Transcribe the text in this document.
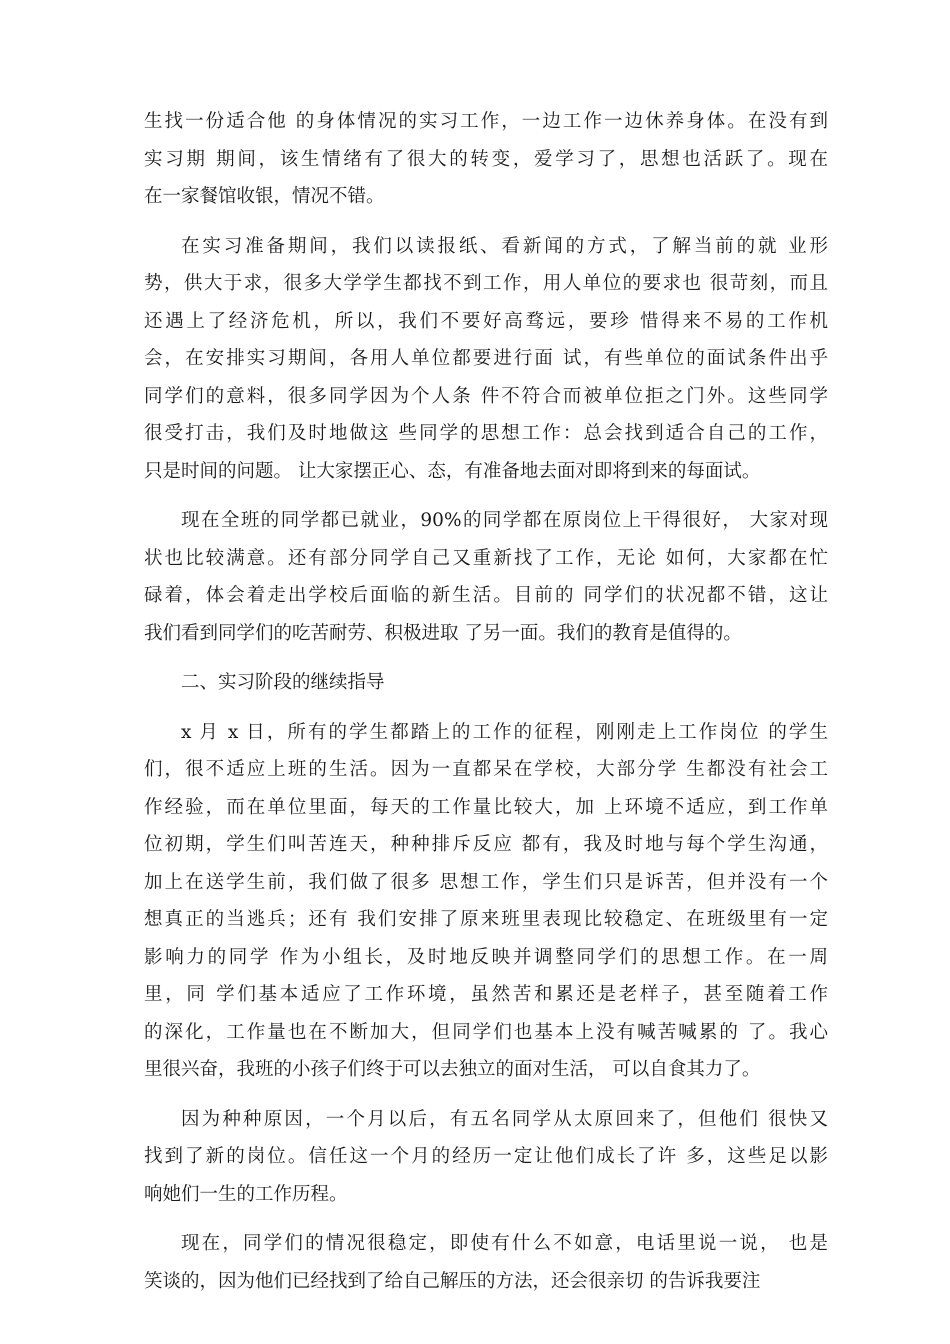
生找一份适合他 的身体情况的实习工作，一边工作一边休养身体。在没有到
实习期 期间，该生情绪有了很大的转变，爱学习了，思想也活跃了。现在
在一家餐馆收银，情况不错。
在实习准备期间，我们以读报纸、看新闻的方式，了解当前的就 业形
势，供大于求，很多大学学生都找不到工作，用人单位的要求也 很苛刻，而且
还遇上了经济危机，所以，我们不要好高骛远，要珍 惜得来不易的工作机
会，在安排实习期间，各用人单位都要进行面 试，有些单位的面试条件出乎
同学们的意料，很多同学因为个人条 件不符合而被单位拒之门外。这些同学
很受打击，我们及时地做这 些同学的思想工作：总会找到适合自己的工作，
只是时间的问题。 让大家摆正心、态，有准备地去面对即将到来的每面试。
现在全班的同学都已就业，90%的同学都在原岗位上干得很好， 大家对现
状也比较满意。还有部分同学自己又重新找了工作，无论 如何，大家都在忙
碌着，体会着走出学校后面临的新生活。目前的 同学们的状况都不错，这让
我们看到同学们的吃苦耐劳、积极进取 了另一面。我们的教育是值得的。
二、实习阶段的继续指导
x 月 x 日，所有的学生都踏上的工作的征程，刚刚走上工作岗位 的学生
们，很不适应上班的生活。因为一直都呆在学校，大部分学 生都没有社会工
作经验，而在单位里面，每天的工作量比较大，加 上环境不适应，到工作单
位初期，学生们叫苦连天，种种排斥反应 都有，我及时地与每个学生沟通，
加上在送学生前，我们做了很多 思想工作，学生们只是诉苦，但并没有一个
想真正的当逃兵；还有 我们安排了原来班里表现比较稳定、在班级里有一定
影响力的同学 作为小组长，及时地反映并调整同学们的思想工作。在一周
里，同 学们基本适应了工作环境，虽然苦和累还是老样子，甚至随着工作
的深化，工作量也在不断加大，但同学们也基本上没有喊苦喊累的 了。我心
里很兴奋，我班的小孩子们终于可以去独立的面对生活， 可以自食其力了。
因为种种原因，一个月以后，有五名同学从太原回来了，但他们 很快又
找到了新的岗位。信任这一个月的经历一定让他们成长了许 多，这些足以影
响她们一生的工作历程。
现在，同学们的情况很稳定，即使有什么不如意，电话里说一说， 也是
笑谈的，因为他们已经找到了给自己解压的方法，还会很亲切 的告诉我要注
